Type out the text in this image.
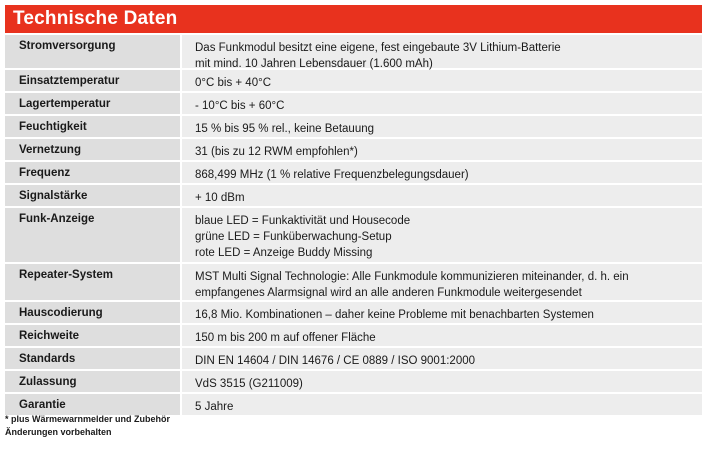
Technische Daten
Stromversorgung	Das Funkmodul besitzt eine eigene, fest eingebaute 3V Lithium-Batterie
mit mind. 10 Jahren Lebensdauer (1.600 mAh)
Einsatztemperatur	0°C bis + 40°C
Lagertemperatur	- 10°C bis + 60°C
Feuchtigkeit	15 % bis 95 % rel., keine Betauung
Vernetzung	31 (bis zu 12 RWM empfohlen*)
Frequenz	868,499 MHz (1 % relative Frequenzbelegungsdauer)
Signalstärke	+ 10 dBm
Funk-Anzeige	blaue LED = Funkaktivität und Housecode
grüne LED = Funküberwachung-Setup
rote LED = Anzeige Buddy Missing
Repeater-System	MST Multi Signal Technologie: Alle Funkmodule kommunizieren miteinander, d. h. ein
empfangenes Alarmsignal wird an alle anderen Funkmodule weitergesendet
Hauscodierung	16,8 Mio. Kombinationen – daher keine Probleme mit benachbarten Systemen
Reichweite	150 m bis 200 m auf offener Fläche
Standards	DIN EN 14604 / DIN 14676 / CE 0889 / ISO 9001:2000
Zulassung	VdS 3515 (G211009)
Garantie	5 Jahre
* plus Wärmewarnmelder und Zubehör
Änderungen vorbehalten
